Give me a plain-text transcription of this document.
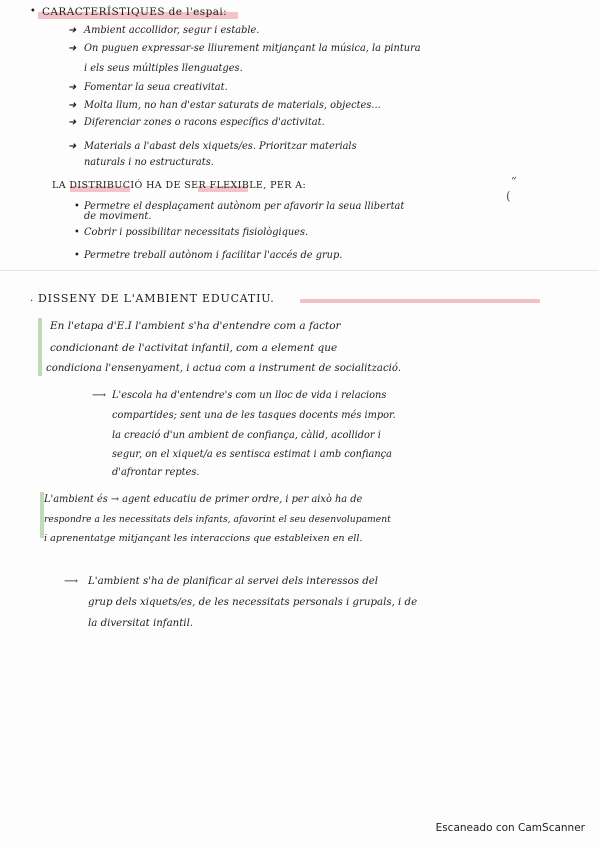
• CARACTERÍSTIQUES de l'espai:
➜ Ambient accollidor, segur i estable.
➜ On puguen expressar-se lliurement mitjançant la música, la pintura
i els seus múltiples llenguatges.
➜ Fomentar la seua creativitat.
➜ Molta llum, no han d'estar saturats de materials, objectes...
➜ Diferenciar zones o racons específics d'activitat.
➜ Materials a l'abast dels xiquets/es. Prioritzar materials
naturals i no estructurats.
LA DISTRIBUCIÓ HA DE SER FLEXIBLE, PER A:	˝
(
• Permetre el desplaçament autònom per afavorir la seua llibertat
de moviment.
• Cobrir i possibilitar necessitats fisiològiques.
• Permetre treball autònom i facilitar l'accés de grup.
. DISSENY DE L'AMBIENT EDUCATIU.
En l'etapa d'E.I l'ambient s'ha d'entendre com a factor
condicionant de l'activitat infantil, com a element que
condiciona l'ensenyament, i actua com a instrument de socialització.
⟶ L'escola ha d'entendre's com un lloc de vida i relacions
compartides; sent una de les tasques docents més impor.
la creació d'un ambient de confiança, càlid, acollidor i
segur, on el xiquet/a es sentisca estimat i amb confiança
d'afrontar reptes.
L'ambient és → agent educatiu de primer ordre, i per això ha de
respondre a les necessitats dels infants, afavorint el seu desenvolupament
i aprenentatge mitjançant les interaccions que estableixen en ell.
⟶ L'ambient s'ha de planificar al servei dels interessos del
grup dels xiquets/es, de les necessitats personals i grupals, i de
la diversitat infantil.
Escaneado con CamScanner
